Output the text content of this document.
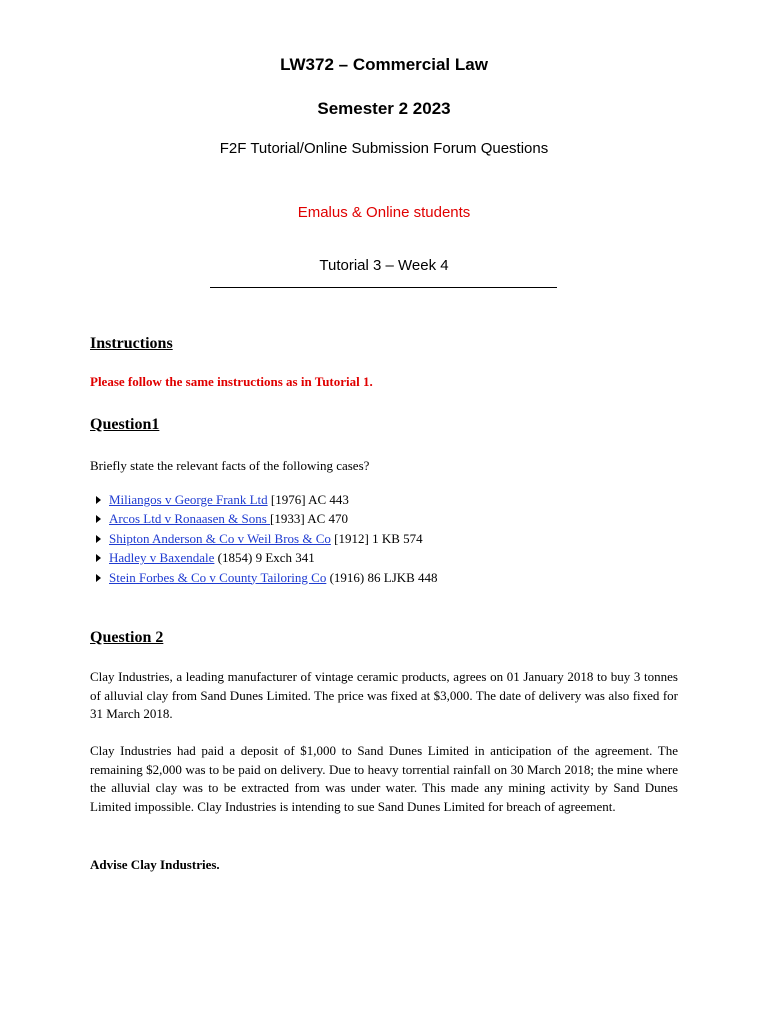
LW372 – Commercial Law
Semester 2 2023
F2F Tutorial/Online Submission Forum Questions
Emalus & Online students
Tutorial 3 – Week 4
Instructions
Please follow the same instructions as in Tutorial 1.
Question1
Briefly state the relevant facts of the following cases?
Miliangos v George Frank Ltd [1976] AC 443
Arcos Ltd v Ronaasen & Sons [1933] AC 470
Shipton Anderson & Co v Weil Bros & Co [1912] 1 KB 574
Hadley v Baxendale (1854) 9 Exch 341
Stein Forbes & Co v County Tailoring Co (1916) 86 LJKB 448
Question 2

Clay Industries, a leading manufacturer of vintage ceramic products, agrees on 01 January 2018 to buy 3 tonnes of alluvial clay from Sand Dunes Limited. The price was fixed at $3,000. The date of delivery was also fixed for 31 March 2018.

Clay Industries had paid a deposit of $1,000 to Sand Dunes Limited in anticipation of the agreement. The remaining $2,000 was to be paid on delivery. Due to heavy torrential rainfall on 30 March 2018; the mine where the alluvial clay was to be extracted from was under water. This made any mining activity by Sand Dunes Limited impossible. Clay Industries is intending to sue Sand Dunes Limited for breach of agreement.

Advise Clay Industries.
